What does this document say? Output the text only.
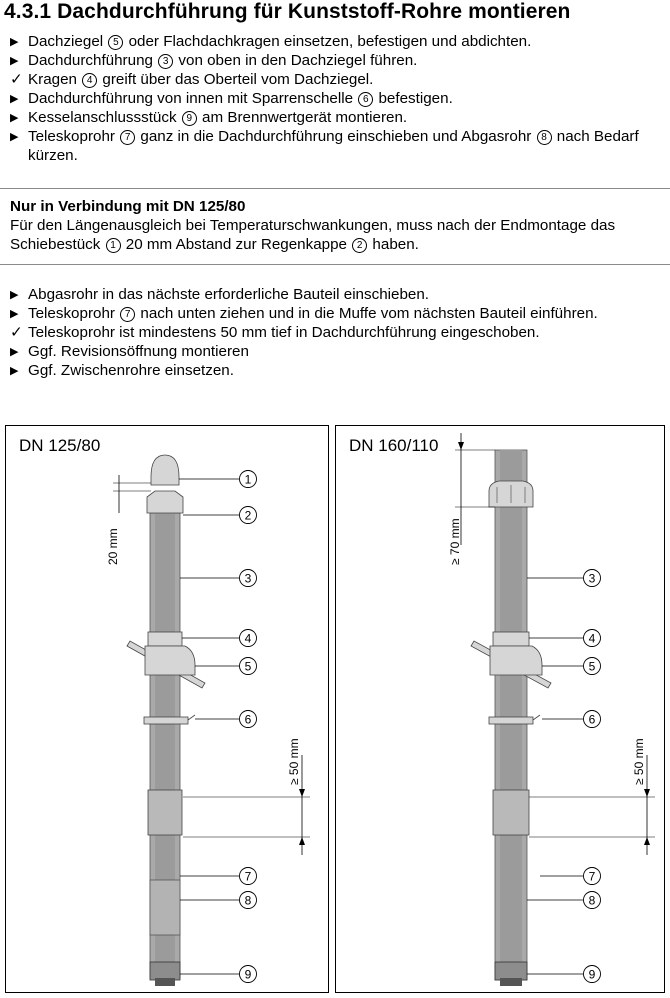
4.3.1 Dachdurchführung für Kunststoff-Rohre montieren
▶ Dachziegel 5 oder Flachdachkragen einsetzen, befestigen und abdichten.
▶ Dachdurchführung 3 von oben in den Dachziegel führen.
✓ Kragen 4 greift über das Oberteil vom Dachziegel.
▶ Dachdurchführung von innen mit Sparrenschelle 6 befestigen.
▶ Kesselanschlussstück 9 am Brennwertgerät montieren.
▶ Teleskoprohr 7 ganz in die Dachdurchführung einschieben und Abgasrohr 8 nach Bedarf kürzen.
Nur in Verbindung mit DN 125/80
Für den Längenausgleich bei Temperaturschwankungen, muss nach der Endmontage das Schiebestück 1 20 mm Abstand zur Regenkappe 2 haben.
▶ Abgasrohr in das nächste erforderliche Bauteil einschieben.
▶ Teleskoprohr 7 nach unten ziehen und in die Muffe vom nächsten Bauteil einführen.
✓ Teleskoprohr ist mindestens 50 mm tief in Dachdurchführung eingeschoben.
▶ Ggf. Revisionsöffnung montieren
▶ Ggf. Zwischenrohre einsetzen.
DN 125/80	DN 160/110
20 mm
≥ 50 mm
1
2
3
4
5
6
7
8
9
≥ 70 mm
≥ 50 mm
3
4
5
6
7
8
9
